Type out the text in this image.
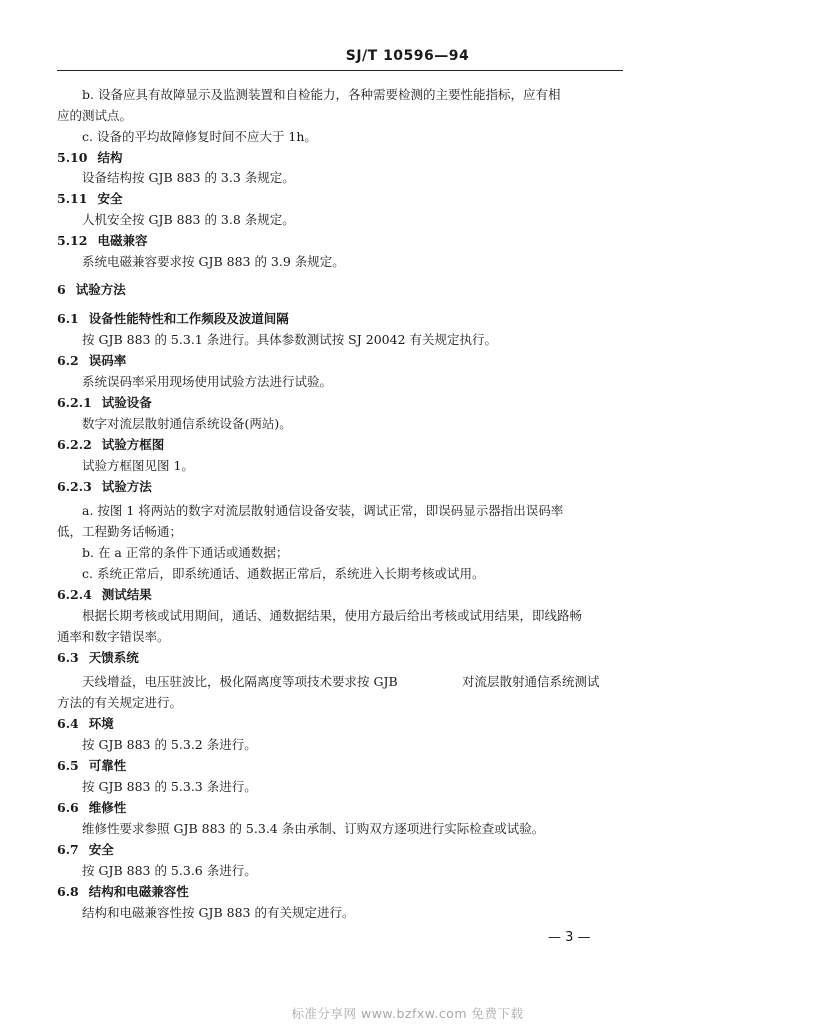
SJ/T 10596—94
b. 设备应具有故障显示及监测装置和自检能力，各种需要检测的主要性能指标，应有相
应的测试点。
c. 设备的平均故障修复时间不应大于 1h。
5.10 结构
设备结构按 GJB 883 的 3.3 条规定。
5.11 安全
人机安全按 GJB 883 的 3.8 条规定。
5.12 电磁兼容
系统电磁兼容要求按 GJB 883 的 3.9 条规定。
6 试验方法
6.1 设备性能特性和工作频段及波道间隔
按 GJB 883 的 5.3.1 条进行。具体参数测试按 SJ 20042 有关规定执行。
6.2 误码率
系统误码率采用现场使用试验方法进行试验。
6.2.1 试验设备
数字对流层散射通信系统设备(两站)。
6.2.2 试验方框图
试验方框图见图 1。
6.2.3 试验方法
a. 按图 1 将两站的数字对流层散射通信设备安装，调试正常，即误码显示器指出误码率
低，工程勤务话畅通；
b. 在 a 正常的条件下通话或通数据；
c. 系统正常后，即系统通话、通数据正常后，系统进入长期考核或试用。
6.2.4 测试结果
根据长期考核或试用期间，通话、通数据结果，使用方最后给出考核或试用结果，即线路畅
通率和数字错误率。
6.3 天馈系统
天线增益，电压驻波比，极化隔离度等项技术要求按 GJB	对流层散射通信系统测试
方法的有关规定进行。
6.4 环境
按 GJB 883 的 5.3.2 条进行。
6.5 可靠性
按 GJB 883 的 5.3.3 条进行。
6.6 维修性
维修性要求参照 GJB 883 的 5.3.4 条由承制、订购双方逐项进行实际检查或试验。
6.7 安全
按 GJB 883 的 5.3.6 条进行。
6.8 结构和电磁兼容性
结构和电磁兼容性按 GJB 883 的有关规定进行。
— 3 —
标准分享网 www.bzfxw.com 免费下载
